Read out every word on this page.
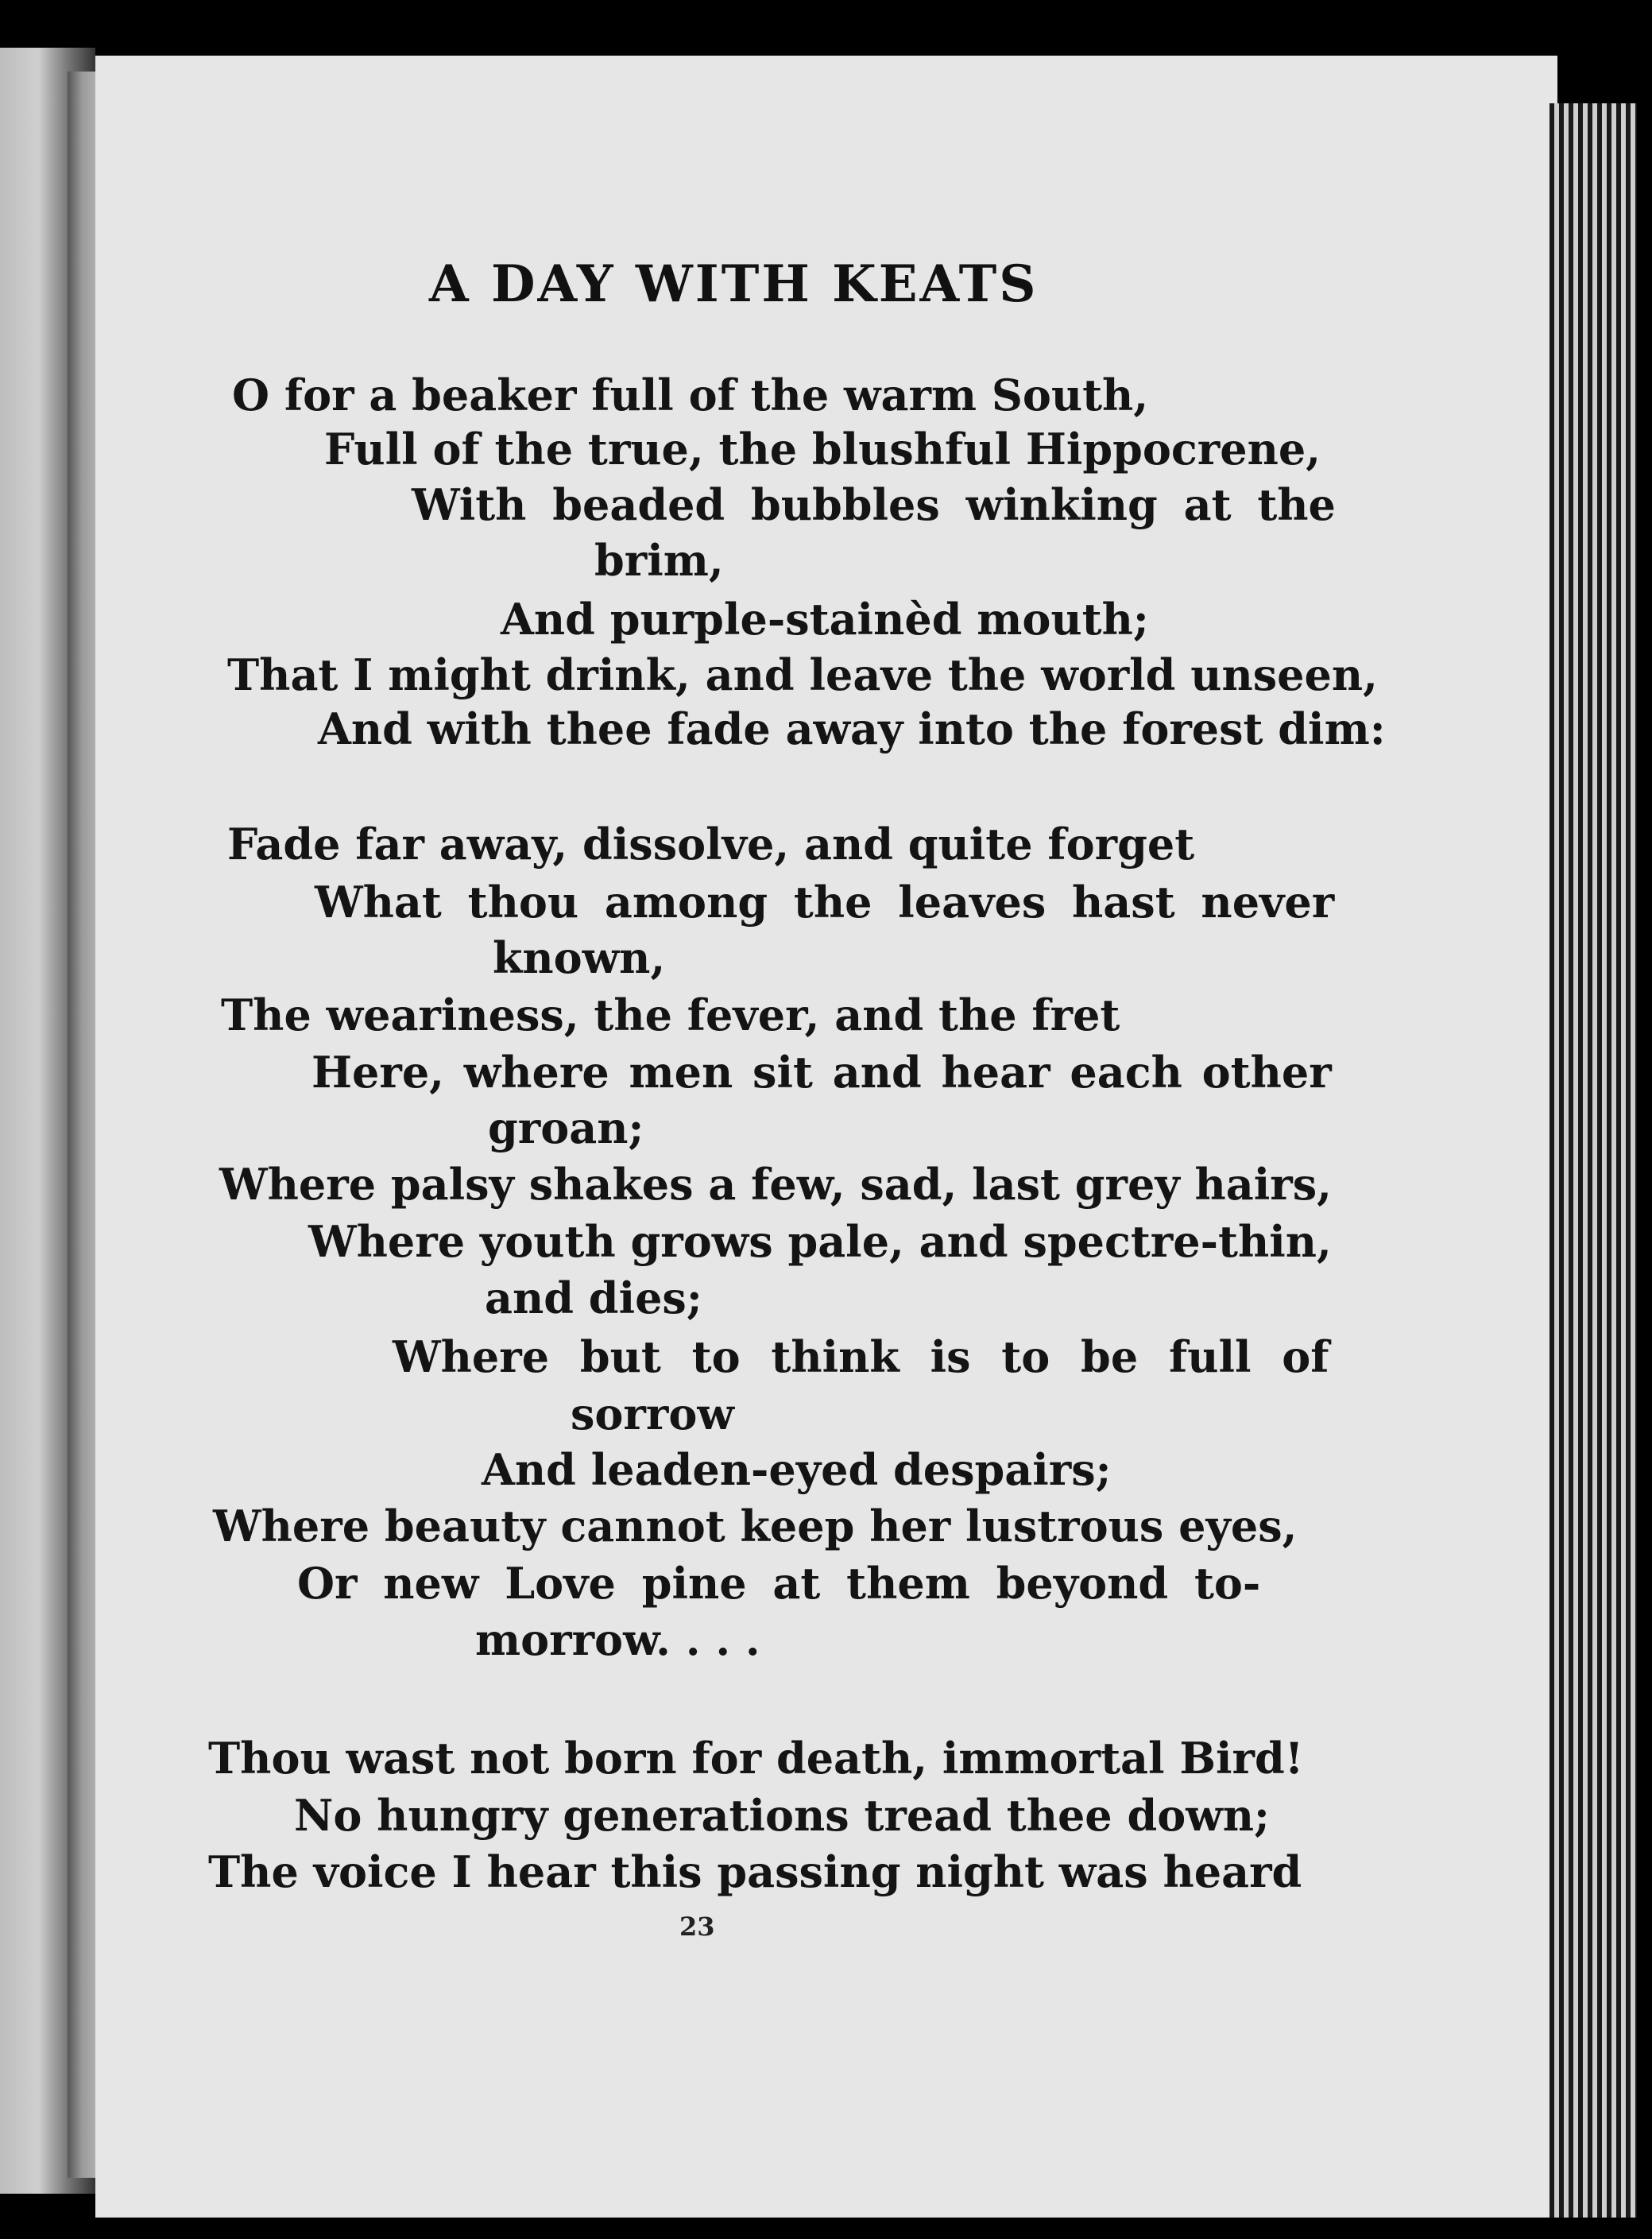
A DAY WITH KEATS
O for a beaker full of the warm South,
Full of the true, the blushful Hippocrene,
With beaded bubbles winking at the
brim,
And purple-stainèd mouth;
That I might drink, and leave the world unseen,
And with thee fade away into the forest dim:
Fade far away, dissolve, and quite forget
What thou among the leaves hast never
known,
The weariness, the fever, and the fret
Here, where men sit and hear each other
groan;
Where palsy shakes a few, sad, last grey hairs,
Where youth grows pale, and spectre-thin,
and dies;
Where but to think is to be full of
sorrow
And leaden-eyed despairs;
Where beauty cannot keep her lustrous eyes,
Or new Love pine at them beyond to-
morrow. . . .
Thou wast not born for death, immortal Bird!
No hungry generations tread thee down;
The voice I hear this passing night was heard
23
